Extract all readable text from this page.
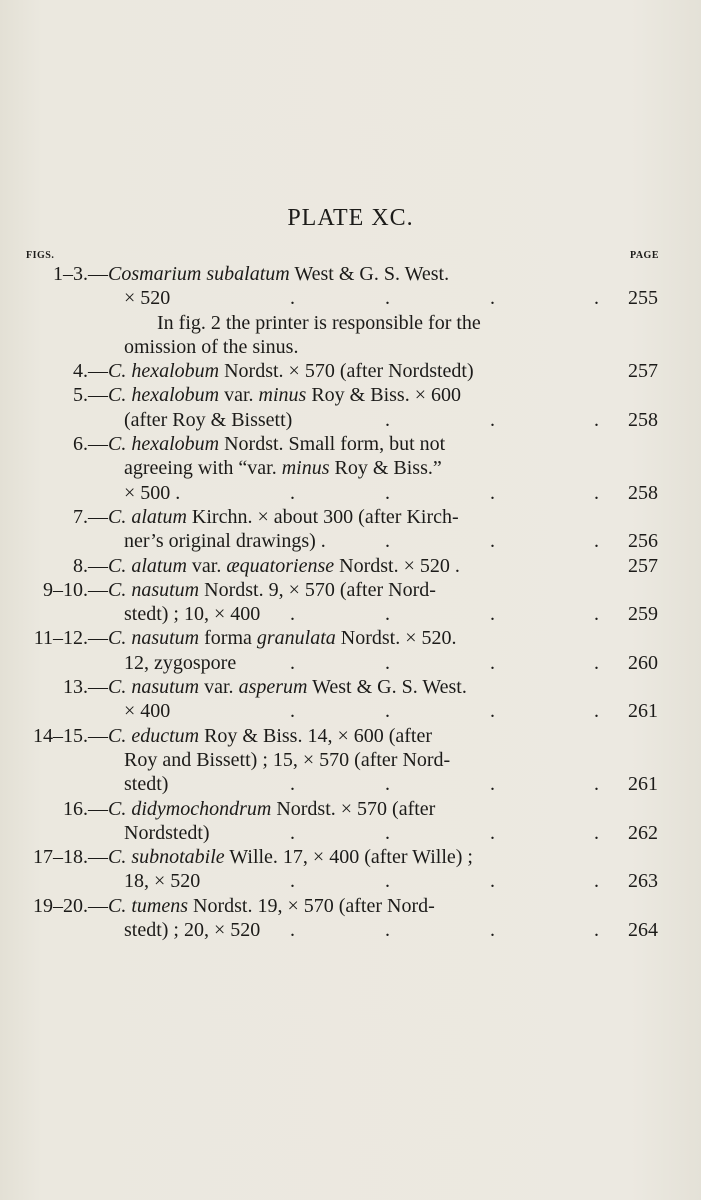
PLATE XC.
FIGS.	PAGE
1–3.— Cosmarium subalatum West & G. S. West.
× 520	255
.	.	.	.
In fig. 2 the printer is responsible for the
omission of the sinus.
4.— C. hexalobum Nordst. × 570 (after Nordstedt)	257
5.— C. hexalobum var. minus Roy & Biss. × 600
(after Roy & Bissett)	258
.	.	.
6.— C. hexalobum Nordst. Small form, but not
agreeing with “var. minus Roy & Biss.”
× 500 .	258
.	.	.	.
7.— C. alatum Kirchn. × about 300 (after Kirch-
ner’s original drawings) .	256
.	.	.
8.— C. alatum var. æquatoriense Nordst. × 520 .	257
9–10.— C. nasutum Nordst. 9, × 570 (after Nord-
stedt) ; 10, × 400	259
.	.	.	.
11–12.— C. nasutum forma granulata Nordst. × 520.
12, zygospore	260
.	.	.	.
13.— C. nasutum var. asperum West & G. S. West.
× 400	261
.	.	.	.
14–15.— C. eductum Roy & Biss. 14, × 600 (after
Roy and Bissett) ; 15, × 570 (after Nord-
stedt)	261
.	.	.	.
16.— C. didymochondrum Nordst. × 570 (after
Nordstedt)	262
.	.	.	.
17–18.— C. subnotabile Wille. 17, × 400 (after Wille) ;
18, × 520	263
.	.	.	.
19–20.— C. tumens Nordst. 19, × 570 (after Nord-
stedt) ; 20, × 520	264
.	.	.	.
